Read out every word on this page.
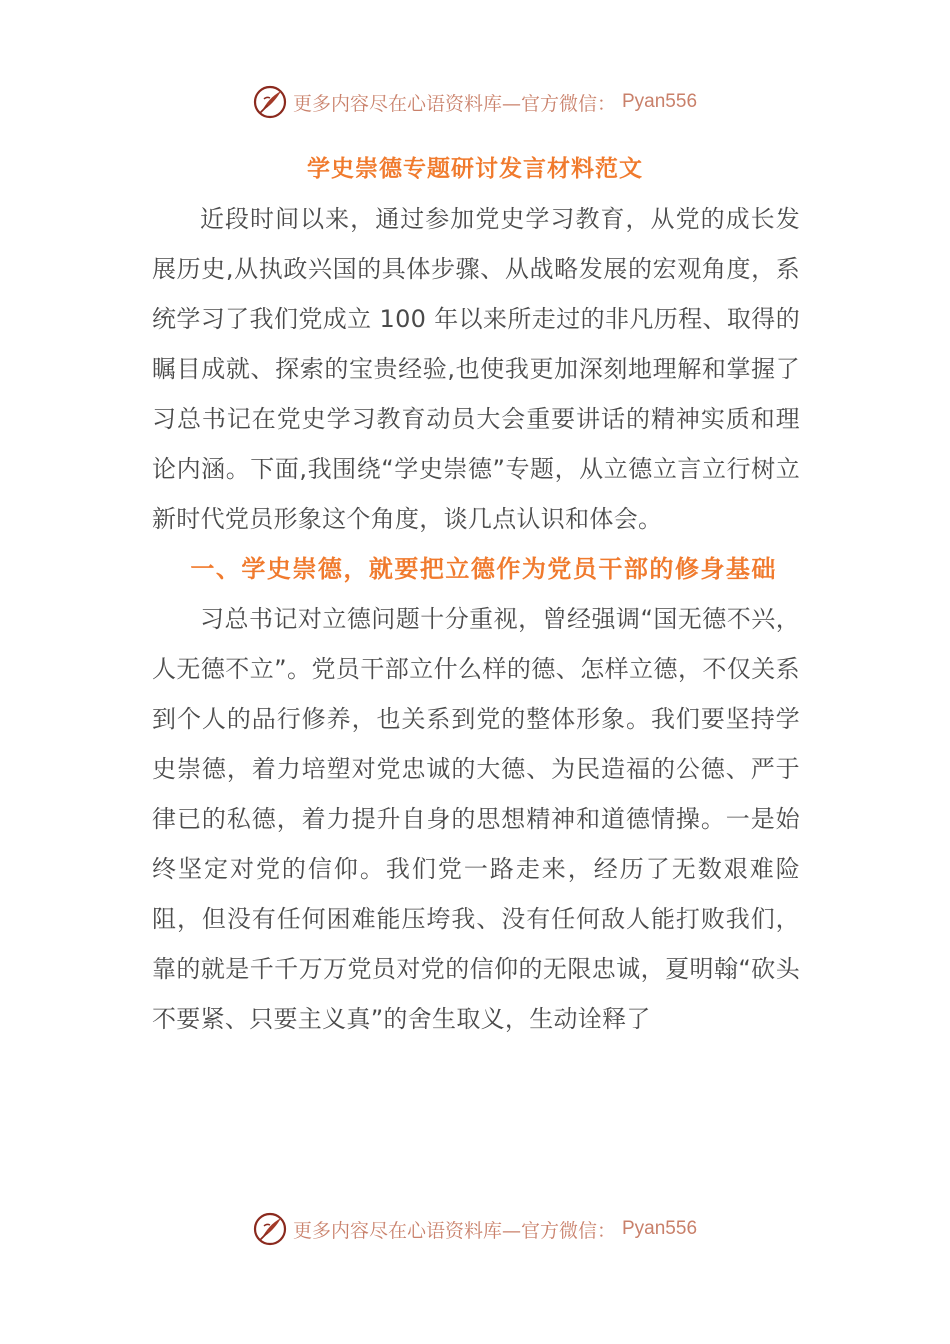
更多内容尽在心语资料库—官方微信： Pyan556
学史崇德专题研讨发言材料范文

近段时间以来，通过参加党史学习教育，从党的成长发展历史,从执政兴国的具体步骤、从战略发展的宏观角度，系统学习了我们党成立 100 年以来所走过的非凡历程、取得的瞩目成就、探索的宝贵经验,也使我更加深刻地理解和掌握了习总书记在党史学习教育动员大会重要讲话的精神实质和理论内涵。下面,我围绕“学史崇德”专题，从立德立言立行树立新时代党员形象这个角度，谈几点认识和体会。

一、学史崇德，就要把立德作为党员干部的修身基础

习总书记对立德问题十分重视，曾经强调“国无德不兴，人无德不立”。党员干部立什么样的德、怎样立德，不仅关系到个人的品行修养，也关系到党的整体形象。我们要坚持学史崇德，着力培塑对党忠诚的大德、为民造福的公德、严于律已的私德，着力提升自身的思想精神和道德情操。一是始终坚定对党的信仰。我们党一路走来，经历了无数艰难险阻，但没有任何困难能压垮我、没有任何敌人能打败我们，靠的就是千千万万党员对党的信仰的无限忠诚，夏明翰“砍头不要紧、只要主义真”的舍生取义，生动诠释了

更多内容尽在心语资料库—官方微信： Pyan556
